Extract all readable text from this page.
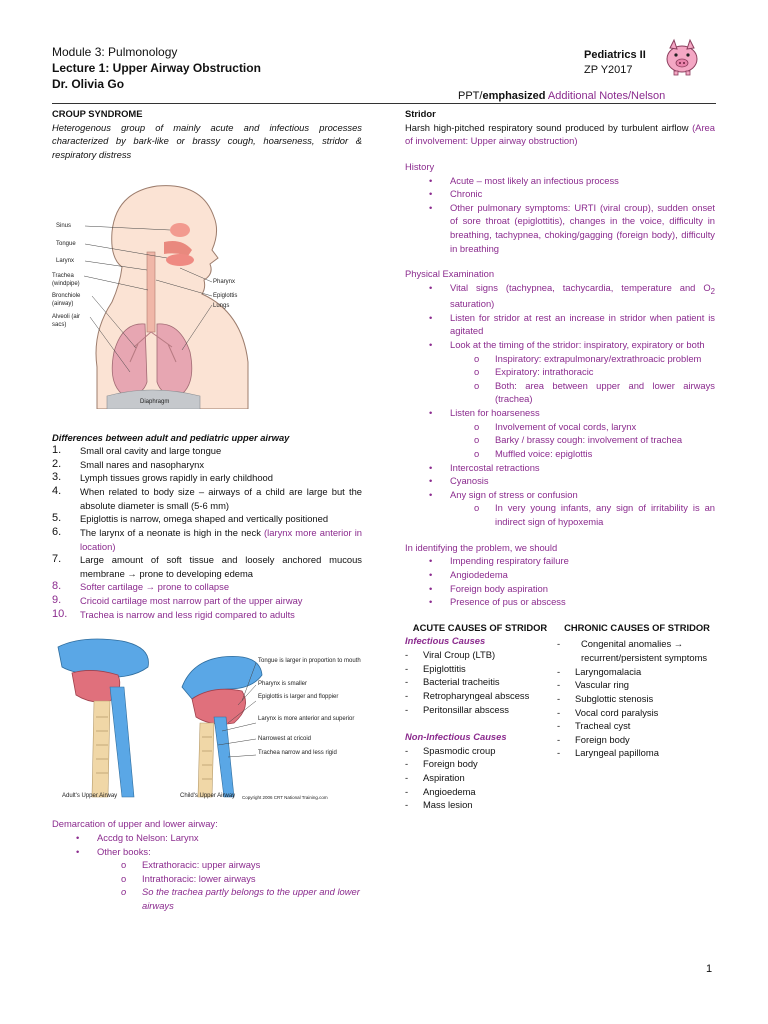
Module 3: Pulmonology
Lecture 1: Upper Airway Obstruction
Dr. Olivia Go
Pediatrics II
ZP Y2017
PPT/emphasized Additional Notes/Nelson
CROUP SYNDROME
Heterogenous group of mainly acute and infectious processes characterized by bark-like or brassy cough, hoarseness, stridor & respiratory distress
Sinus
Tongue
Larynx
Trachea (windpipe)
Bronchiole (airway)
Alveoli (air sacs)
Pharynx
Epiglottis
Lungs
Diaphragm
Differences between adult and pediatric upper airway
1. Small oral cavity and large tongue
2. Small nares and nasopharynx
3. Lymph tissues grows rapidly in early childhood
4. When related to body size – airways of a child are large but the absolute diameter is small (5-6 mm)
5. Epiglottis is narrow, omega shaped and vertically positioned
6. The larynx of a neonate is high in the neck (larynx more anterior in location)
7. Large amount of soft tissue and loosely anchored mucous membrane → prone to developing edema
8. Softer cartilage → prone to collapse
9. Cricoid cartilage most narrow part of the upper airway
10. Trachea is narrow and less rigid compared to adults
Tongue is larger in proportion to mouth
Pharynx is smaller
Epiglottis is larger and floppier
Larynx is more anterior and superior
Narrowest at cricoid
Trachea narrow and less rigid
Adult's Upper Airway	Child's Upper Airway Copyright 2006 CRT National Training.com
Demarcation of upper and lower airway:
• Accdg to Nelson: Larynx
• Other books:
o Extrathoracic: upper airways
o Intrathoracic: lower airways
o So the trachea partly belongs to the upper and lower airways
Stridor
Harsh high-pitched respiratory sound produced by turbulent airflow (Area of involvement: Upper airway obstruction)
History
• Acute – most likely an infectious process
• Chronic
• Other pulmonary symptoms: URTI (viral croup), sudden onset of sore throat (epiglottitis), changes in the voice, difficulty in breathing, tachypnea, choking/gagging (foreign body), difficulty in breathing
Physical Examination
• Vital signs (tachypnea, tachycardia, temperature and $O_2$ saturation)
• Listen for stridor at rest an increase in stridor when patient is agitated
• Look at the timing of the stridor: inspiratory, expiratory or both
o Inspiratory: extrapulmonary/extrathroacic problem
o Expiratory: intrathoracic
o Both: area between upper and lower airways (trachea)
• Listen for hoarseness
o Involvement of vocal cords, larynx
o Barky / brassy cough: involvement of trachea
o Muffled voice: epiglottis
• Intercostal retractions
• Cyanosis
• Any sign of stress or confusion
o In very young infants, any sign of irritability is an indirect sign of hypoxemia
In identifying the problem, we should
• Impending respiratory failure
• Angiodedema
• Foreign body aspiration
• Presence of pus or abscess
ACUTE CAUSES OF STRIDOR
Infectious Causes
- Viral Croup (LTB)
- Epiglottitis
- Bacterial tracheitis
- Retropharyngeal abscess
- Peritonsillar abscess
Non-Infectious Causes
- Spasmodic croup
- Foreign body
- Aspiration
- Angioedema
- Mass lesion
CHRONIC CAUSES OF STRIDOR
- Congenital anomalies → recurrent/persistent symptoms
- Laryngomalacia
- Vascular ring
- Subglottic stenosis
- Vocal cord paralysis
- Tracheal cyst
- Foreign body
- Laryngeal papilloma
1
